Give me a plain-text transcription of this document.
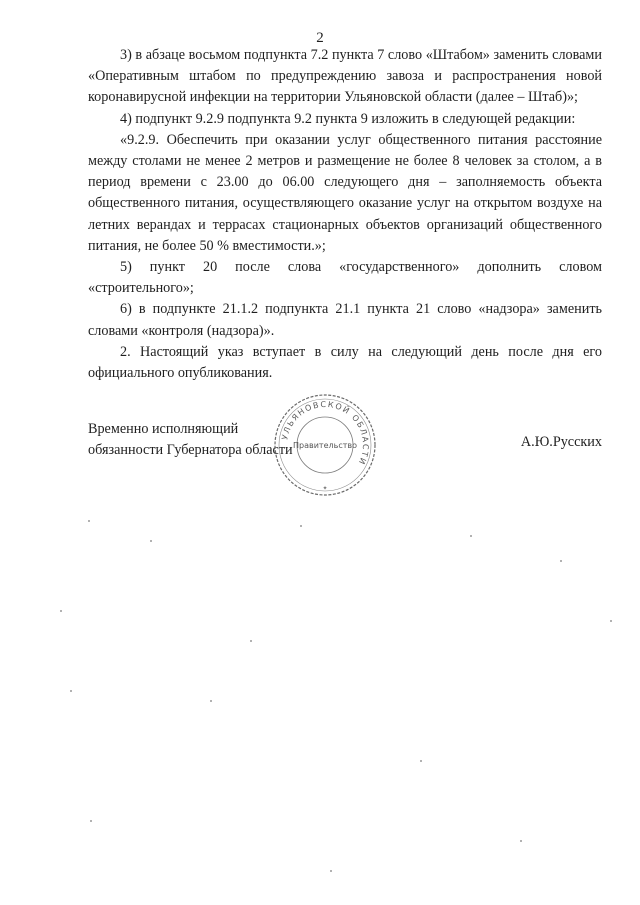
2

3) в абзаце восьмом подпункта 7.2 пункта 7 слово «Штабом» заменить словами «Оперативным штабом по предупреждению завоза и распространения новой коронавирусной инфекции на территории Ульяновской области (далее – Штаб)»;

4) подпункт 9.2.9 подпункта 9.2 пункта 9 изложить в следующей редакции:

«9.2.9. Обеспечить при оказании услуг общественного питания расстояние между столами не менее 2 метров и размещение не более 8 человек за столом, а в период времени с 23.00 до 06.00 следующего дня – заполняемость объекта общественного питания, осуществляющего оказание услуг на открытом воздухе на летних верандах и террасах стационарных объектов организаций общественного питания, не более 50 % вместимости.»;

5) пункт 20 после слова «государственного» дополнить словом «строительного»;

6) в подпункте 21.1.2 подпункта 21.1 пункта 21 слово «надзора» заменить словами «контроля (надзора)».

2. Настоящий указ вступает в силу на следующий день после дня его официального опубликования.

Временно исполняющий
обязанности Губернатора области
УЛЬЯНОВСКОЙ ОБЛАСТИ
Правительство
✦
А.Ю.Русских
